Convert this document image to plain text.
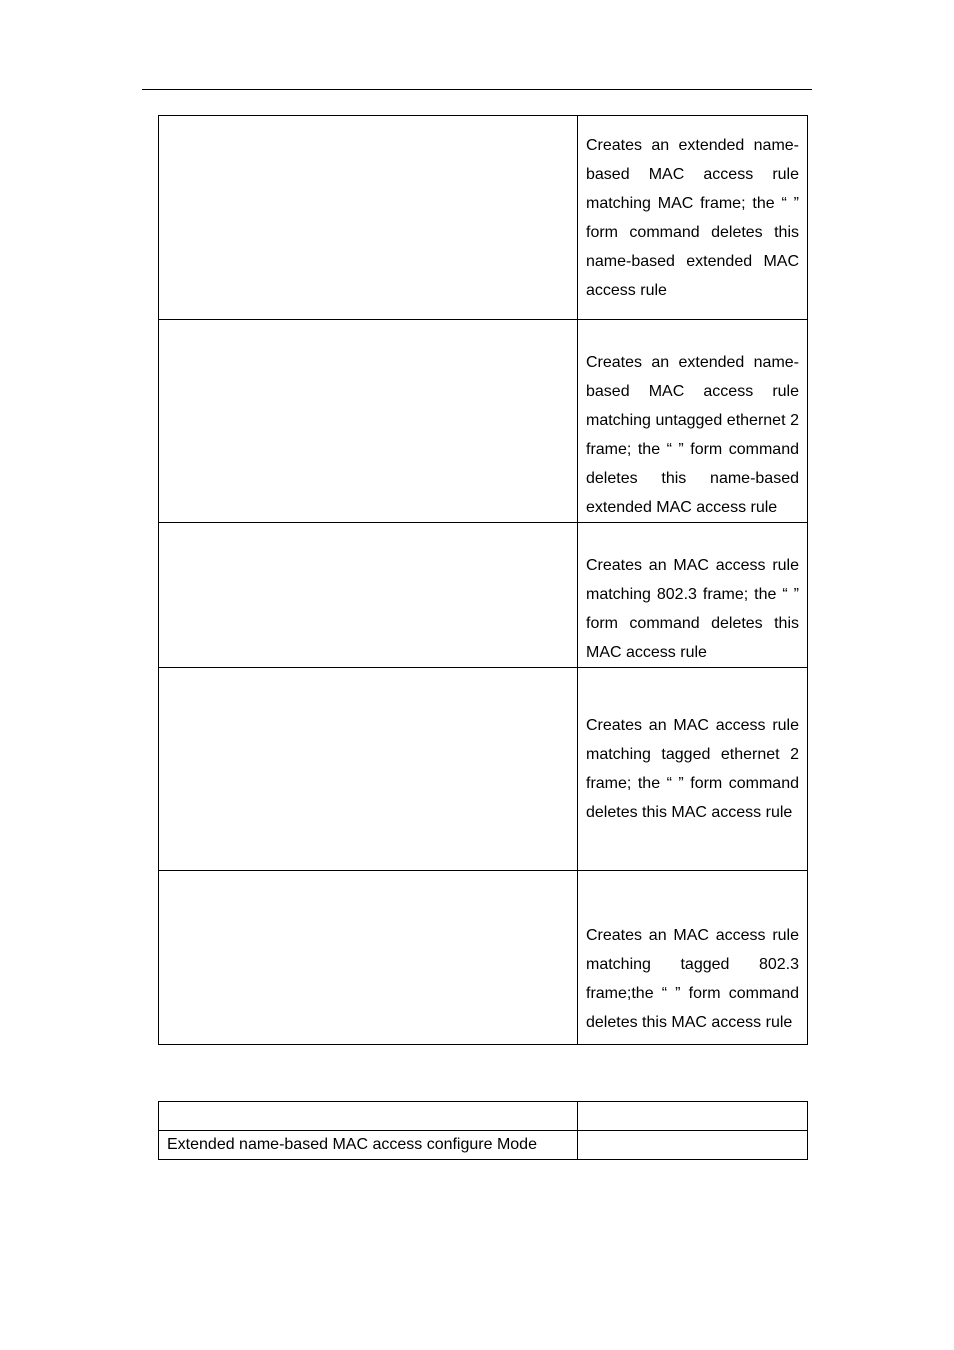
	Creates an extended name-based MAC access rule matching MAC frame; the “ ” form command deletes this name-based extended MAC access rule

	Creates an extended name-based MAC access rule matching untagged ethernet 2 frame; the “ ” form command deletes this name-based extended MAC access rule

	Creates an MAC access rule matching 802.3 frame; the “ ” form command deletes this MAC access rule

	Creates an MAC access rule matching tagged ethernet 2 frame; the “ ” form command deletes this MAC access rule

	Creates an MAC access rule matching tagged 802.3 frame;the “ ” form command deletes this MAC access rule

Extended name-based MAC access configure Mode	
